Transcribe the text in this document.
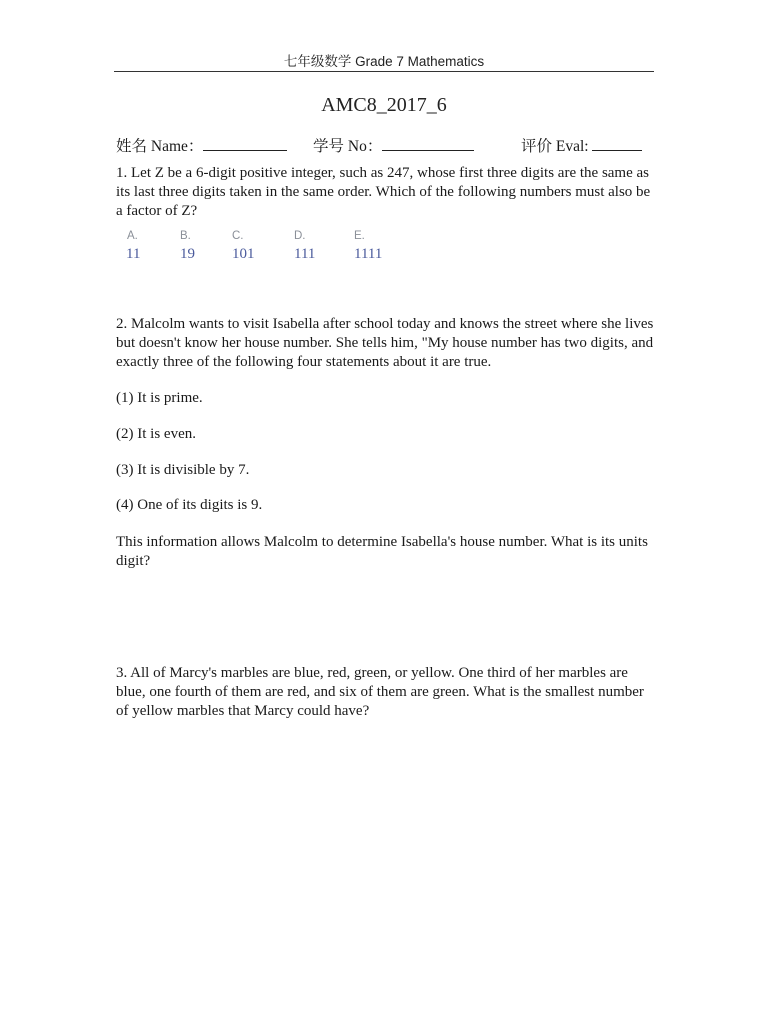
七年级数学 Grade 7 Mathematics
AMC8_2017_6
姓名 Name：	学号 No：	评价 Eval:

1. Let Z be a 6-digit positive integer, such as 247, whose first three digits are the same as its last three digits taken in the same order. Which of the following numbers must also be a factor of Z?

A.
11
B.
19
C.
101
D.
111
E.
1111

2. Malcolm wants to visit Isabella after school today and knows the street where she lives but doesn't know her house number. She tells him, "My house number has two digits, and exactly three of the following four statements about it are true.

(1) It is prime.
(2) It is even.
(3) It is divisible by 7.
(4) One of its digits is 9.

This information allows Malcolm to determine Isabella's house number. What is its units digit?

3. All of Marcy's marbles are blue, red, green, or yellow. One third of her marbles are blue, one fourth of them are red, and six of them are green. What is the smallest number of yellow marbles that Marcy could have?
